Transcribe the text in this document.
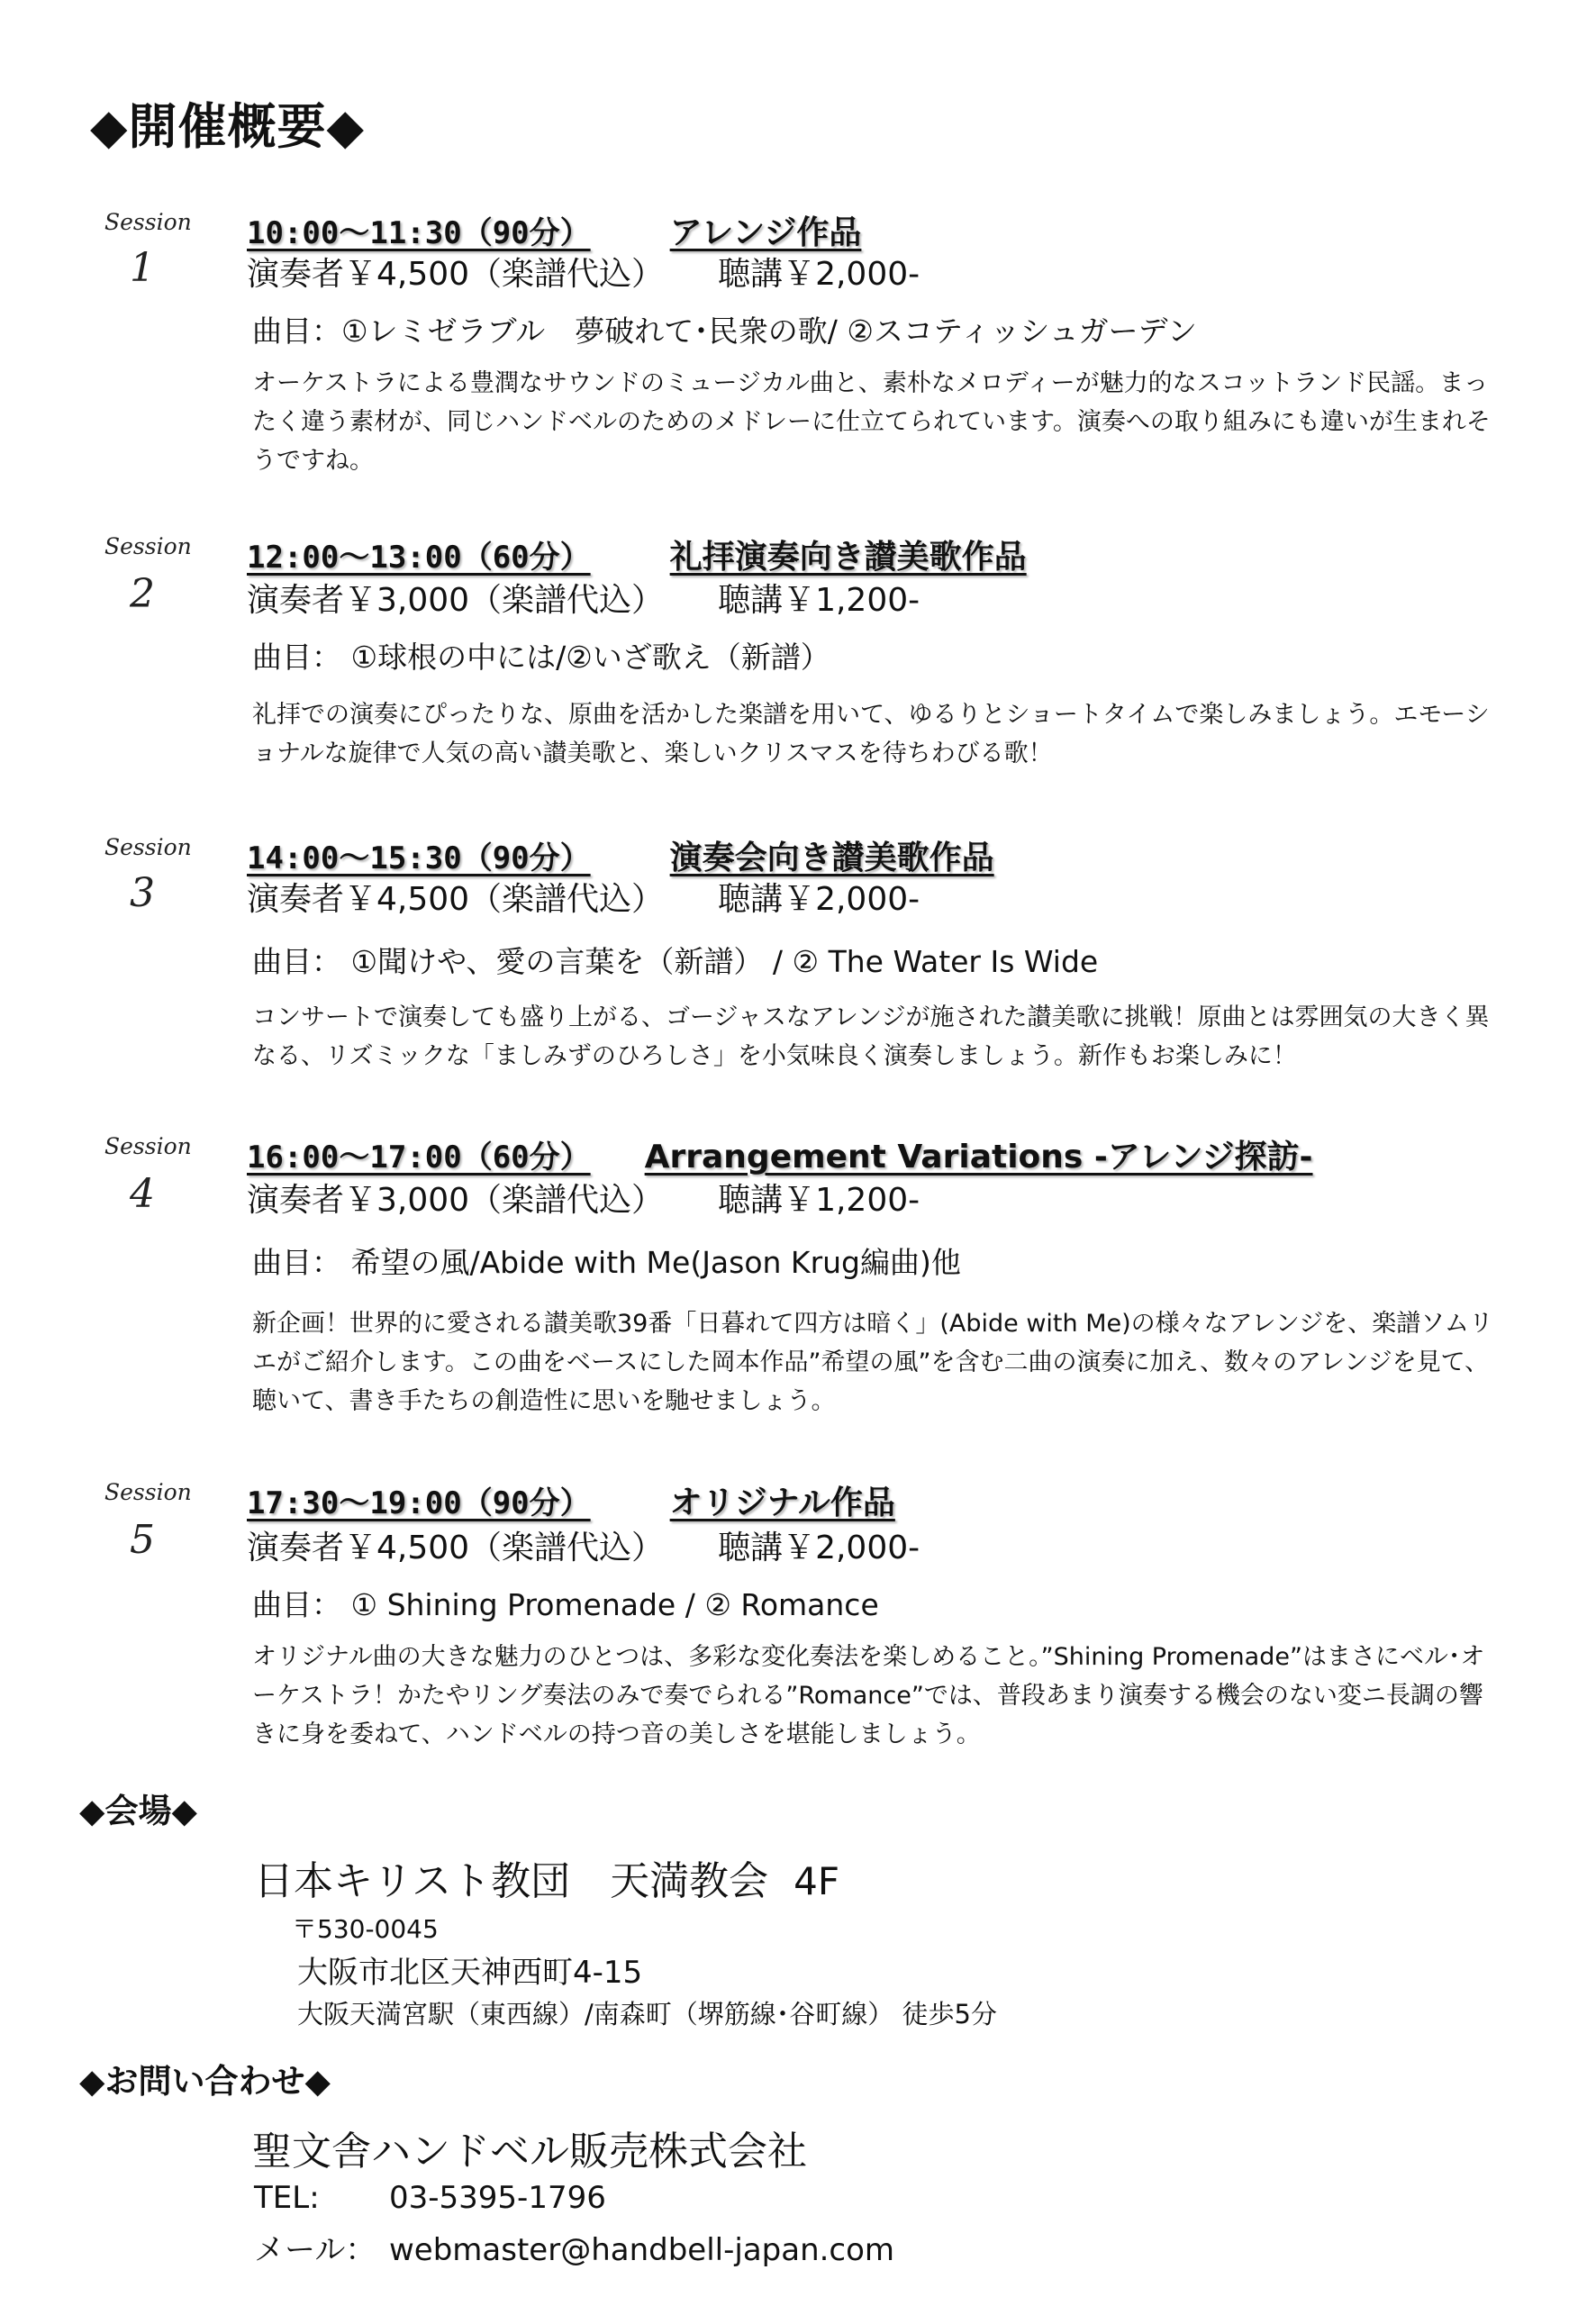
◆開催概要◆
Session
1
10:00～11:30（90分） アレンジ作品
演奏者￥4,500（楽譜代込） 聴講￥2,000-
曲目：①レミゼラブル　夢破れて･民衆の歌/ ②スコティッシュガーデン
オーケストラによる豊潤なサウンドのミュージカル曲と、素朴なメロディーが魅力的なスコットランド民謡。まったく違う素材が、同じハンドベルのためのメドレーに仕立てられています。演奏への取り組みにも違いが生まれそうですね。
Session
2
12:00～13:00（60分） 礼拝演奏向き讃美歌作品
演奏者￥3,000（楽譜代込） 聴講￥1,200-
曲目： ①球根の中には/②いざ歌え（新譜）
礼拝での演奏にぴったりな、原曲を活かした楽譜を用いて、ゆるりとショートタイムで楽しみましょう。エモーショナルな旋律で人気の高い讃美歌と、楽しいクリスマスを待ちわびる歌！
Session
3
14:00～15:30（90分） 演奏会向き讃美歌作品
演奏者￥4,500（楽譜代込） 聴講￥2,000-
曲目： ①聞けや、愛の言葉を（新譜） / ② The Water Is Wide
コンサートで演奏しても盛り上がる、ゴージャスなアレンジが施された讃美歌に挑戦！原曲とは雰囲気の大きく異なる、リズミックな「ましみずのひろしさ」を小気味良く演奏しましょう。新作もお楽しみに！
Session
4
16:00～17:00（60分） Arrangement Variations -アレンジ探訪-
演奏者￥3,000（楽譜代込） 聴講￥1,200-
曲目： 希望の風/Abide with Me(Jason Krug編曲)他
新企画！世界的に愛される讃美歌39番「日暮れて四方は暗く」(Abide with Me)の様々なアレンジを、楽譜ソムリエがご紹介します。この曲をベースにした岡本作品”希望の風”を含む二曲の演奏に加え、数々のアレンジを見て、聴いて、書き手たちの創造性に思いを馳せましょう。
Session
5
17:30～19:00（90分） オリジナル作品
演奏者￥4,500（楽譜代込） 聴講￥2,000-
曲目： ① Shining Promenade / ② Romance
オリジナル曲の大きな魅力のひとつは、多彩な変化奏法を楽しめること。”Shining Promenade”はまさにベル･オーケストラ！かたやリング奏法のみで奏でられる”Romance”では、普段あまり演奏する機会のない変ニ長調の響きに身を委ねて、ハンドベルの持つ音の美しさを堪能しましょう。
◆会場◆
日本キリスト教団　天満教会 4F
〒530-0045
大阪市北区天神西町4-15
大阪天満宮駅（東西線）/南森町（堺筋線･谷町線） 徒歩5分
◆お問い合わせ◆
聖文舎ハンドベル販売株式会社
TEL: 03-5395-1796
メール： webmaster@handbell-japan.com
